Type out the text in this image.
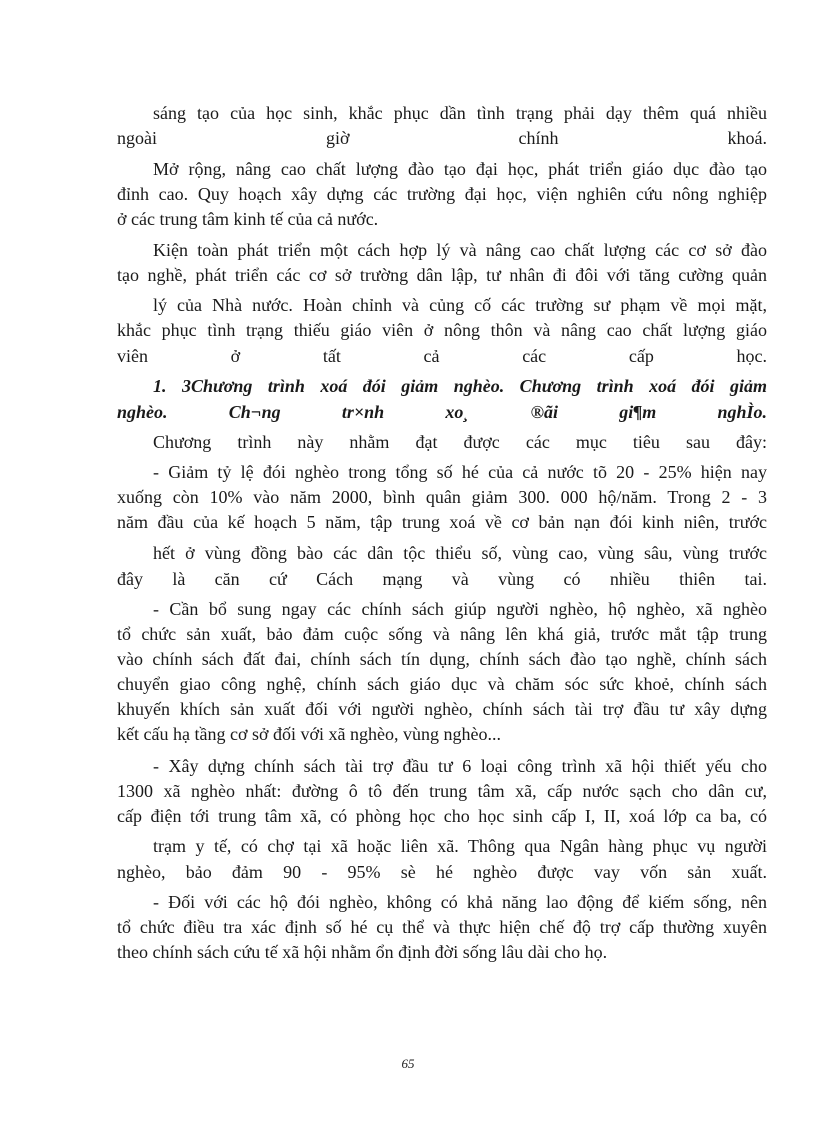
sáng tạo của học sinh, khắc phục dần tình trạng phải dạy thêm quá nhiều
ngoài giờ chính khoá.
Mở rộng, nâng cao chất lượng đào tạo đại học, phát triển giáo dục đào tạo
đỉnh cao. Quy hoạch xây dựng các trường đại học, viện nghiên cứu nông nghiệp
ở các trung tâm kinh tế của cả nước.
Kiện toàn phát triển một cách hợp lý và nâng cao chất lượng các cơ sở đào
tạo nghề, phát triển các cơ sở trường dân lập, tư nhân đi đôi với tăng cường quản
lý của Nhà nước. Hoàn chỉnh và củng cố các trường sư phạm về mọi mặt,
khắc phục tình trạng thiếu giáo viên ở nông thôn và nâng cao chất lượng giáo
viên ở tất cả các cấp học.
1. 3Chương trình xoá đói giảm nghèo. Chương trình xoá đói giảm
nghèo. Ch¬ng tr×nh xo¸ ®ãi gi¶m nghÌo.
Chương trình này nhằm đạt được các mục tiêu sau đây:
- Giảm tỷ lệ đói nghèo trong tổng số hé của cả nước tõ 20 - 25% hiện nay
xuống còn 10% vào năm 2000, bình quân giảm 300. 000 hộ/năm. Trong 2 - 3
năm đầu của kế hoạch 5 năm, tập trung xoá về cơ bản nạn đói kinh niên, trước
hết ở vùng đồng bào các dân tộc thiểu số, vùng cao, vùng sâu, vùng trước
đây là căn cứ Cách mạng và vùng có nhiều thiên tai.
- Cần bổ sung ngay các chính sách giúp người nghèo, hộ nghèo, xã nghèo
tổ chức sản xuất, bảo đảm cuộc sống và nâng lên khá giả, trước mắt tập trung
vào chính sách đất đai, chính sách tín dụng, chính sách đào tạo nghề, chính sách
chuyển giao công nghệ, chính sách giáo dục và chăm sóc sức khoẻ, chính sách
khuyến khích sản xuất đối với người nghèo, chính sách tài trợ đầu tư xây dựng
kết cấu hạ tầng cơ sở đối với xã nghèo, vùng nghèo...
- Xây dựng chính sách tài trợ đầu tư 6 loại công trình xã hội thiết yếu cho
1300 xã nghèo nhất: đường ô tô đến trung tâm xã, cấp nước sạch cho dân cư,
cấp điện tới trung tâm xã, có phòng học cho học sinh cấp I, II, xoá lớp ca ba, có
trạm y tế, có chợ tại xã hoặc liên xã. Thông qua Ngân hàng phục vụ người
nghèo, bảo đảm 90 - 95% sè hé nghèo được vay vốn sản xuất.
- Đối với các hộ đói nghèo, không có khả năng lao động để kiếm sống, nên
tổ chức điều tra xác định số hé cụ thể và thực hiện chế độ trợ cấp thường xuyên
theo chính sách cứu tế xã hội nhằm ổn định đời sống lâu dài cho họ.
65
